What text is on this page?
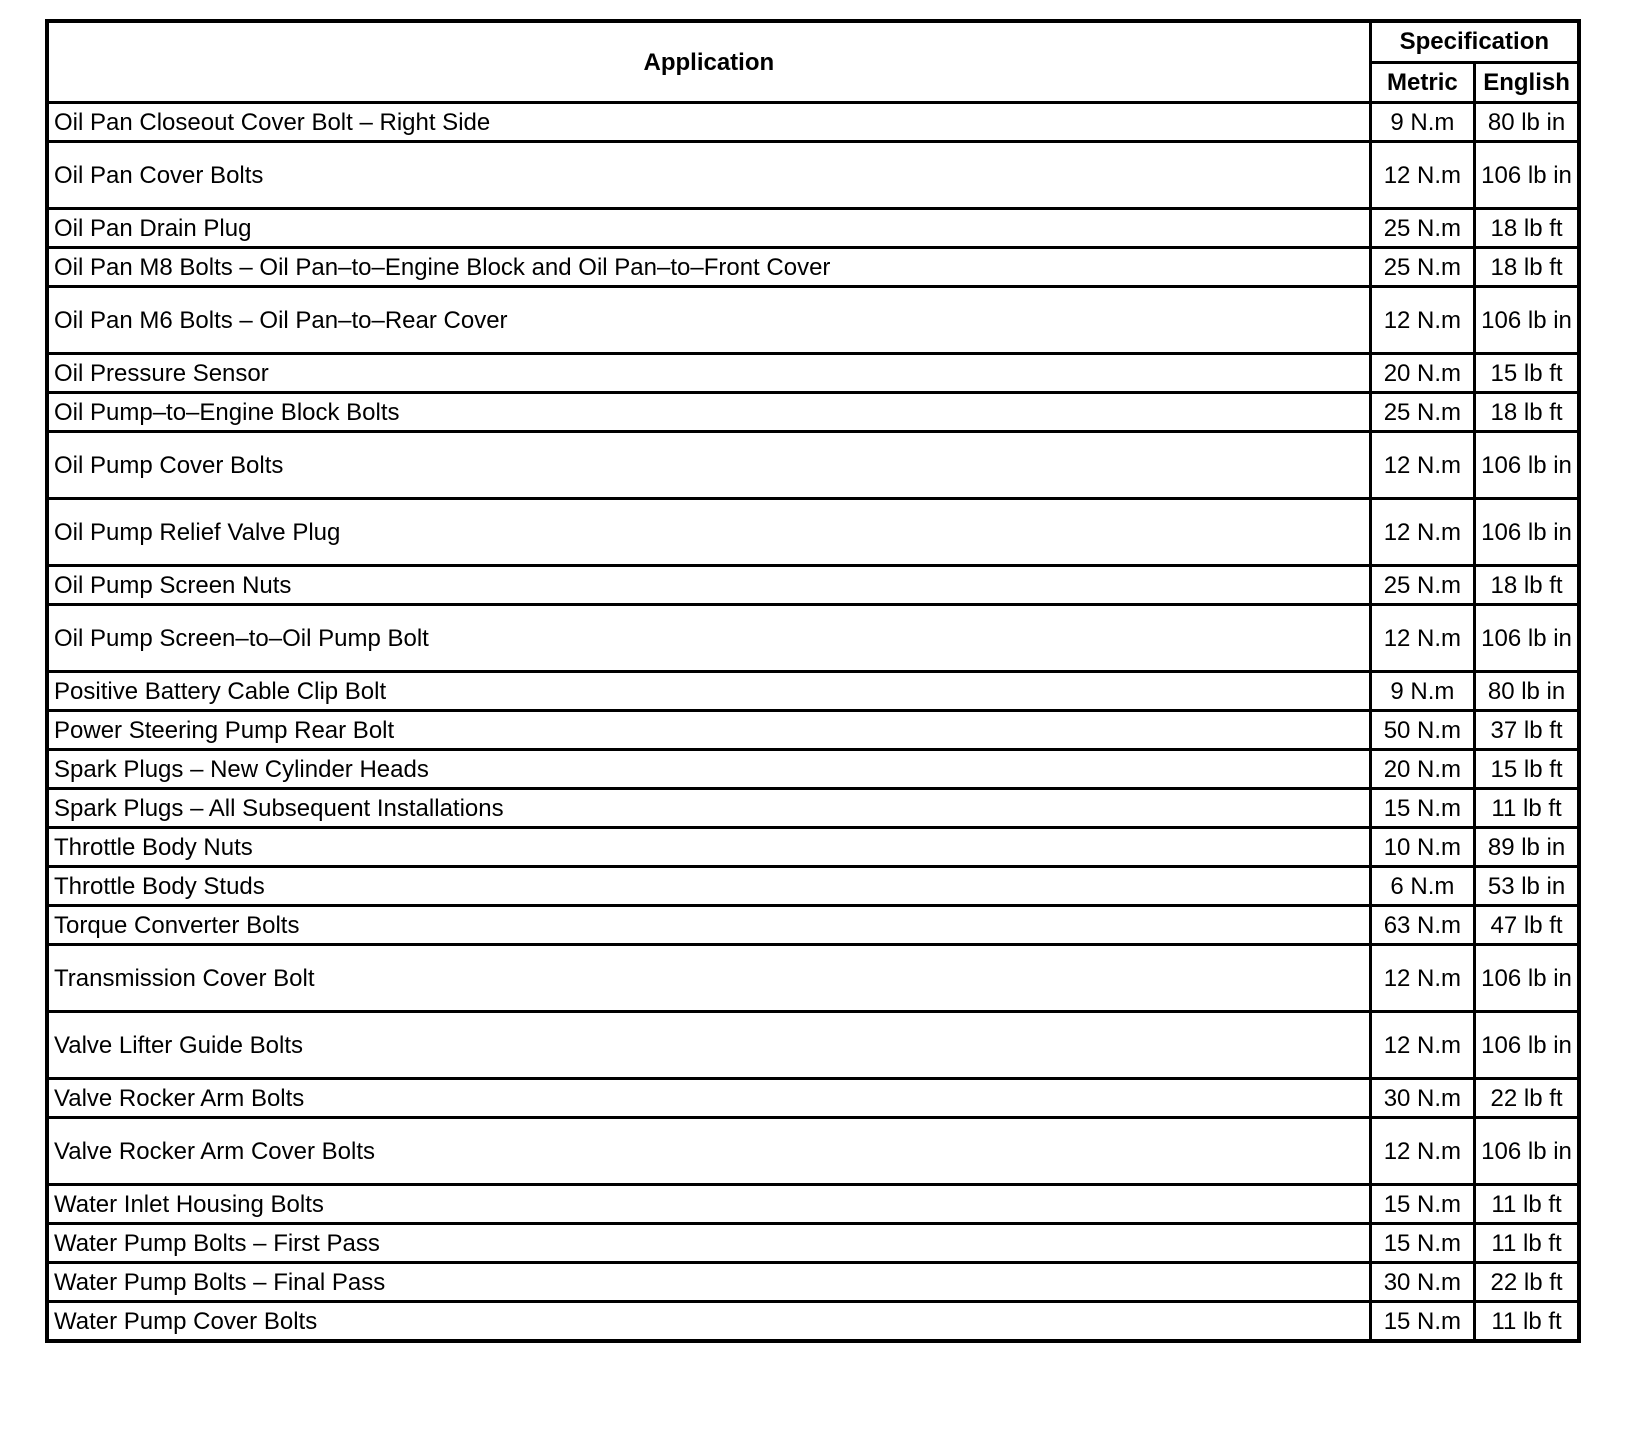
Application	Specification	
	Metric	English
Oil Pan Closeout Cover Bolt – Right Side	9 N.m	80 lb in
Oil Pan Cover Bolts	12 N.m	106 lb in
Oil Pan Drain Plug	25 N.m	18 lb ft
Oil Pan M8 Bolts – Oil Pan–to–Engine Block and Oil Pan–to–Front Cover	25 N.m	18 lb ft
Oil Pan M6 Bolts – Oil Pan–to–Rear Cover	12 N.m	106 lb in
Oil Pressure Sensor	20 N.m	15 lb ft
Oil Pump–to–Engine Block Bolts	25 N.m	18 lb ft
Oil Pump Cover Bolts	12 N.m	106 lb in
Oil Pump Relief Valve Plug	12 N.m	106 lb in
Oil Pump Screen Nuts	25 N.m	18 lb ft
Oil Pump Screen–to–Oil Pump Bolt	12 N.m	106 lb in
Positive Battery Cable Clip Bolt	9 N.m	80 lb in
Power Steering Pump Rear Bolt	50 N.m	37 lb ft
Spark Plugs – New Cylinder Heads	20 N.m	15 lb ft
Spark Plugs – All Subsequent Installations	15 N.m	11 lb ft
Throttle Body Nuts	10 N.m	89 lb in
Throttle Body Studs	6 N.m	53 lb in
Torque Converter Bolts	63 N.m	47 lb ft
Transmission Cover Bolt	12 N.m	106 lb in
Valve Lifter Guide Bolts	12 N.m	106 lb in
Valve Rocker Arm Bolts	30 N.m	22 lb ft
Valve Rocker Arm Cover Bolts	12 N.m	106 lb in
Water Inlet Housing Bolts	15 N.m	11 lb ft
Water Pump Bolts – First Pass	15 N.m	11 lb ft
Water Pump Bolts – Final Pass	30 N.m	22 lb ft
Water Pump Cover Bolts	15 N.m	11 lb ft
